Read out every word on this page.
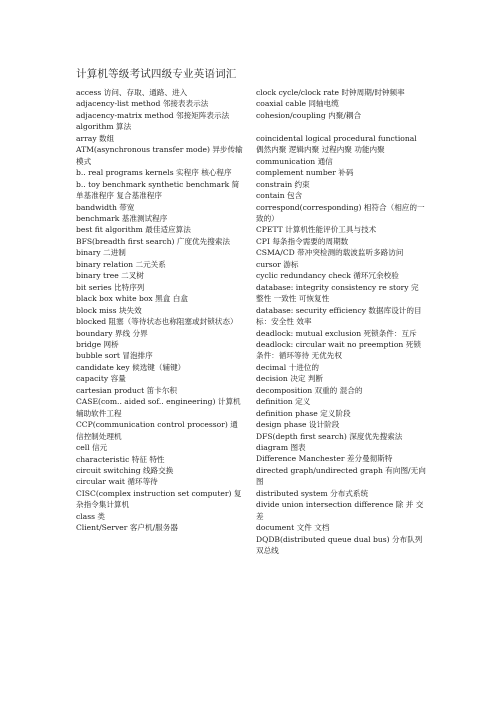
计算机等级考试四级专业英语词汇
access 访问、存取、通路、进入
adjacency-list method 邻接表表示法
adjacency-matrix method 邻接矩阵表示法
algorithm 算法
array 数组
ATM(asynchronous transfer mode) 异步传输模式
b.. real programs kernels 实程序 核心程序
b.. toy benchmark synthetic benchmark 简单基准程序 复合基准程序
bandwidth 带宽
benchmark 基准测试程序
best fit algorithm 最佳适应算法
BFS(breadth first search) 广度优先搜索法
binary 二进制
binary relation 二元关系
binary tree 二叉树
bit series 比特序列
black box white box 黑盒 白盒
block miss 块失效
blocked 阻塞（等待状态也称阻塞或封锁状态）
boundary 界线 分界
bridge 网桥
bubble sort 冒泡排序
candidate key 候选键（辅键）
capacity 容量
cartesian product 笛卡尔积
CASE(com.. aided sof.. engineering) 计算机辅助软件工程
CCP(communication control processor) 通信控制处理机
cell 信元
characteristic 特征 特性
circuit switching 线路交换
circular wait 循环等待
CISC(complex instruction set computer) 复杂指令集计算机
class 类
Client/Server 客户机/服务器
clock cycle/clock rate 时钟周期/时钟频率
coaxial cable 同轴电缆
cohesion/coupling 内聚/耦合
coincidental logical procedural functional 偶然内聚 逻辑内聚 过程内聚 功能内聚
communication 通信
complement number 补码
constrain 约束
contain 包含
correspond(corresponding) 相符合（相应的一致的）
CPETT 计算机性能评价工具与技术
CPI 每条指令需要的周期数
CSMA/CD 带冲突检测的载波监听多路访问
cursor 游标
cyclic redundancy check 循环冗余校验
database: integrity consistency re story 完整性 一致性 可恢复性
database: security efficiency 数据库设计的目标：安全性 效率
deadlock: mutual exclusion 死锁条件：互斥
deadlock: circular wait no preemption 死锁条件：循环等待 无优先权
decimal 十进位的
decision 决定 判断
decomposition 双重的 混合的
definition 定义
definition phase 定义阶段
design phase 设计阶段
DFS(depth first search) 深度优先搜索法
diagram 图表
Difference Manchester 差分曼彻斯特
directed graph/undirected graph 有向图/无向图
distributed system 分布式系统
divide union intersection difference 除 并 交 差
document 文件 文档
DQDB(distributed queue dual bus) 分布队列双总线
